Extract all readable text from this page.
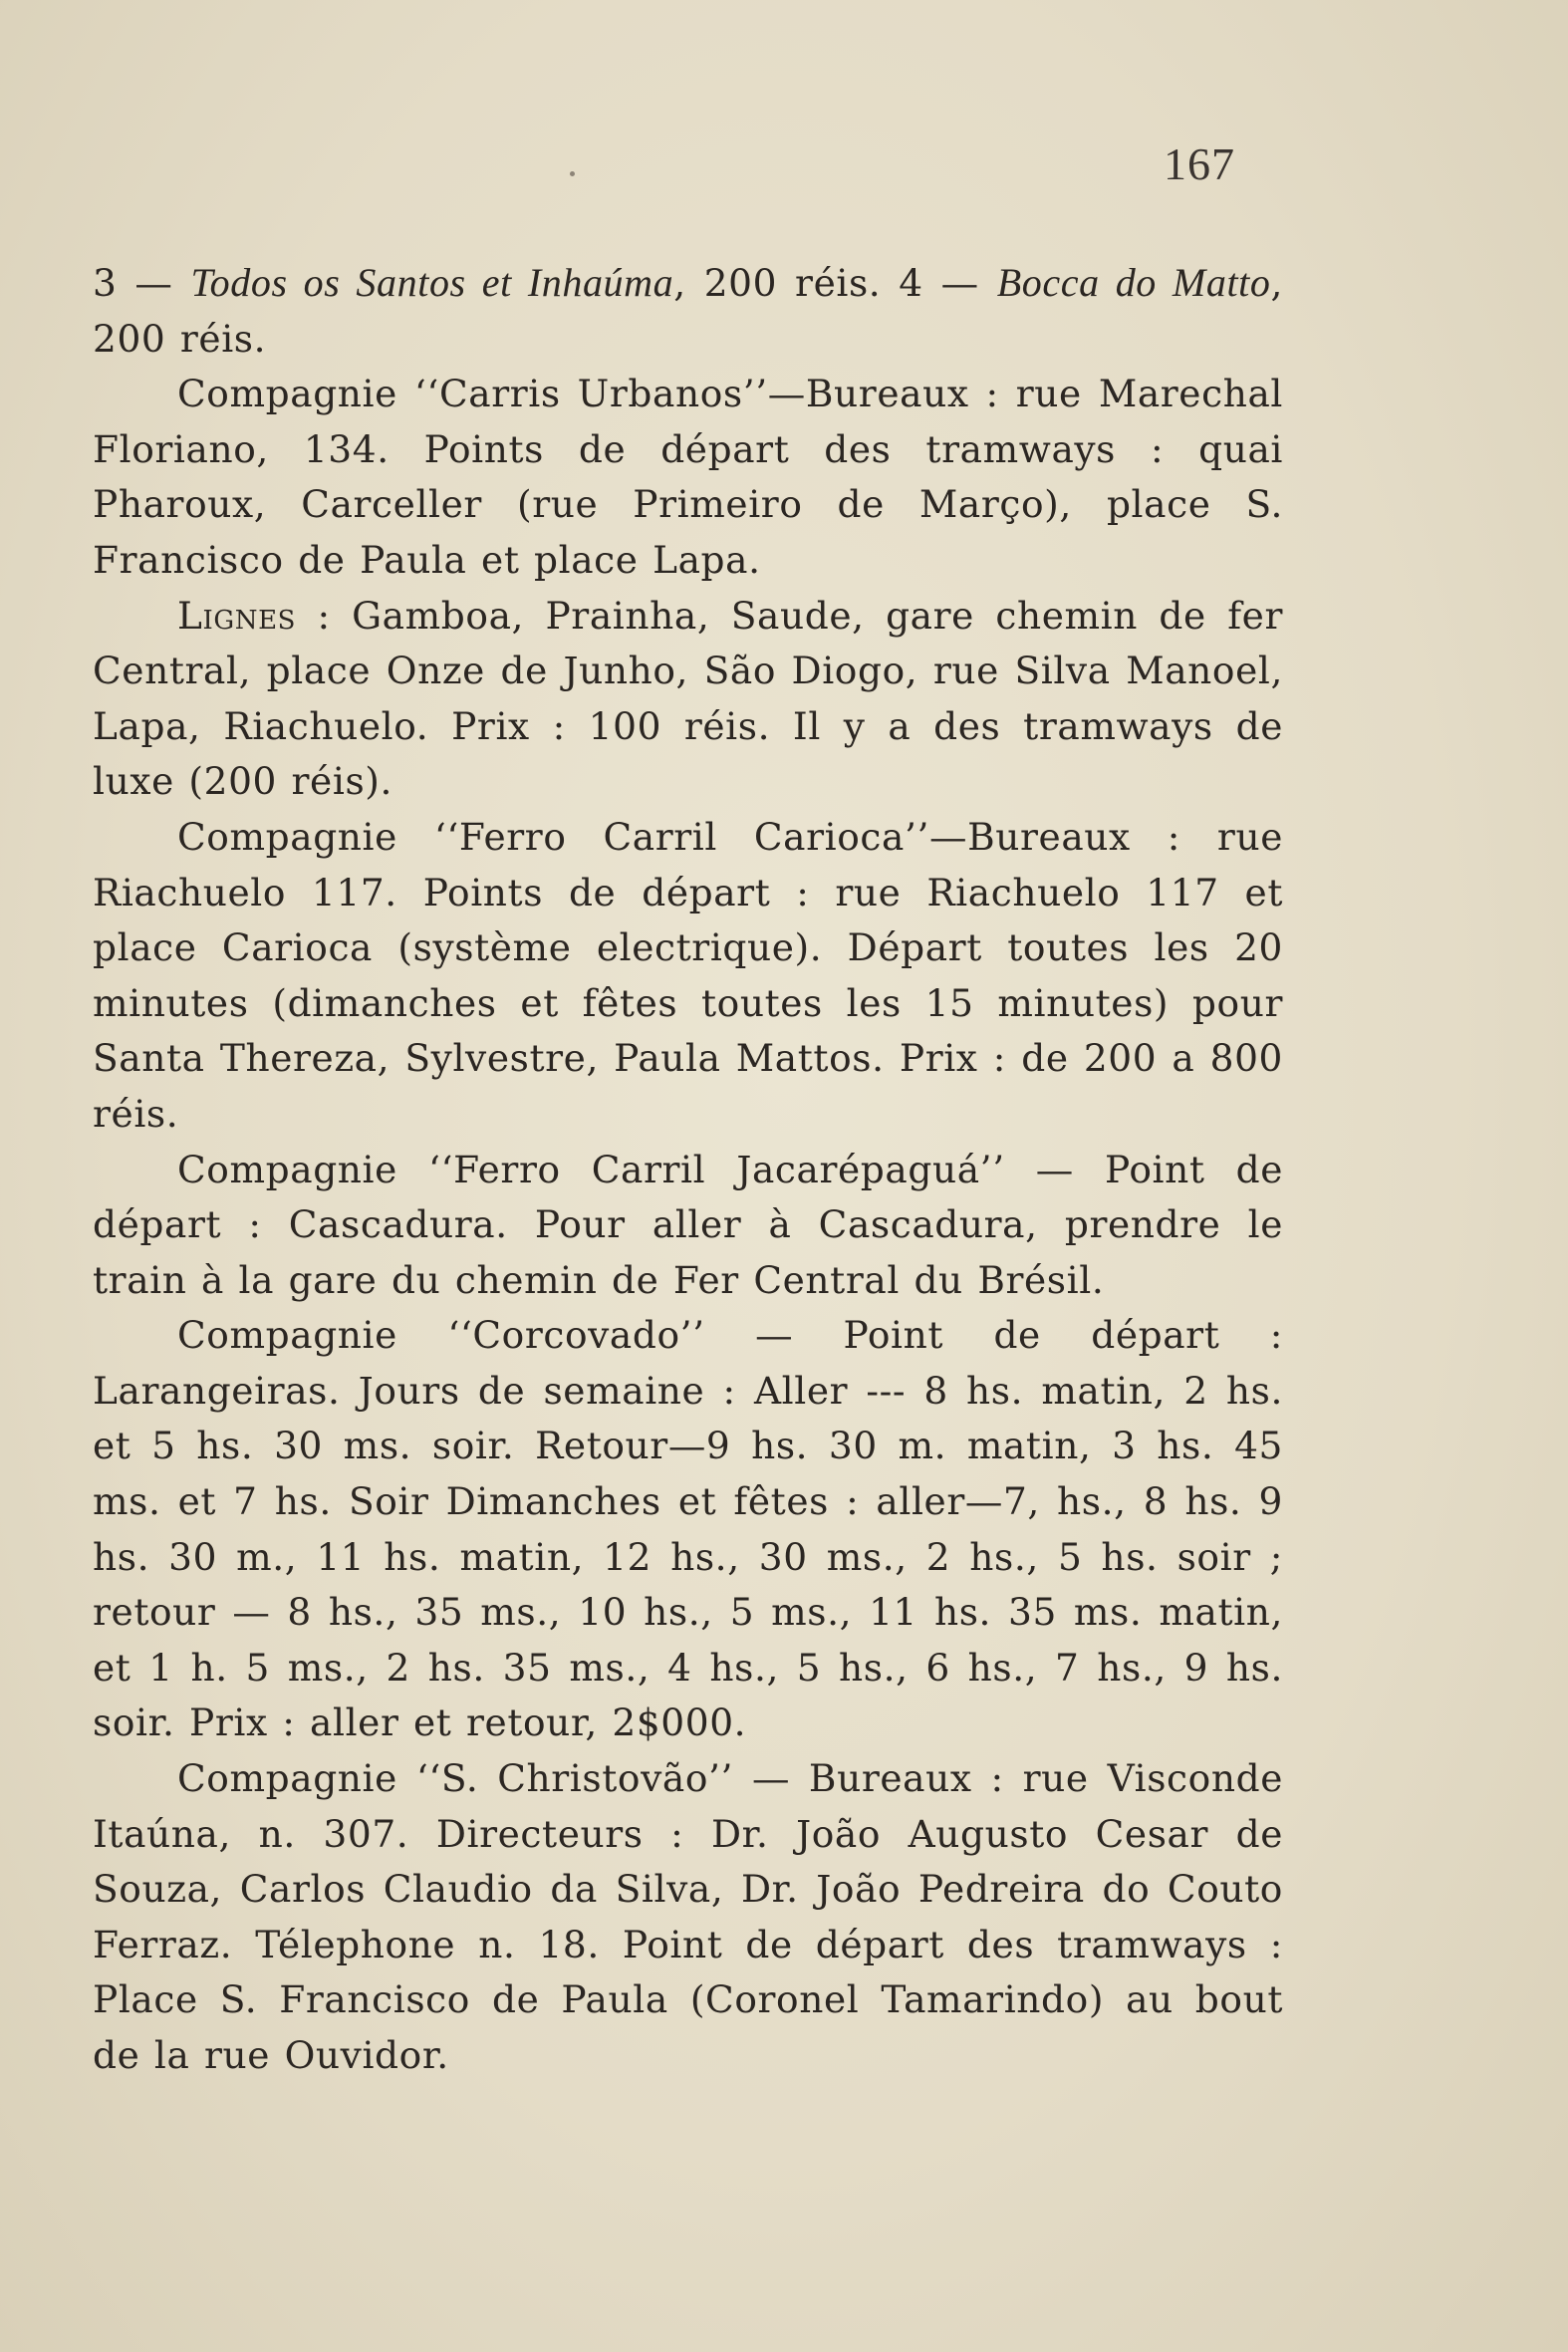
167

3 — Todos os Santos et Inhaúma, 200 réis. 4 — Bocca do Matto, 200 réis.

Compagnie ‘‘Carris Urbanos’’—Bureaux : rue Marechal Floriano, 134. Points de départ des tramways : quai Pharoux, Carceller (rue Primeiro de Março), place S. Francisco de Paula et place Lapa.

Lignes : Gamboa, Prainha, Saude, gare chemin de fer Central, place Onze de Junho, São Diogo, rue Silva Manoel, Lapa, Riachuelo. Prix : 100 réis. Il y a des tramways de luxe (200 réis).

Compagnie ‘‘Ferro Carril Carioca’’—Bureaux : rue Riachuelo 117. Points de départ : rue Riachuelo 117 et place Carioca (système electrique). Départ toutes les 20 minutes (dimanches et fêtes toutes les 15 minutes) pour Santa Thereza, Sylvestre, Paula Mattos. Prix : de 200 a 800 réis.

Compagnie ‘‘Ferro Carril Jacarépaguá’’ — Point de départ : Cascadura. Pour aller à Cascadura, prendre le train à la gare du chemin de Fer Central du Brésil.

Compagnie ‘‘Corcovado’’ — Point de départ : Larangeiras. Jours de semaine : Aller --- 8 hs. matin, 2 hs. et 5 hs. 30 ms. soir. Retour—9 hs. 30 m. matin, 3 hs. 45 ms. et 7 hs. Soir Dimanches et fêtes : aller—7, hs., 8 hs. 9 hs. 30 m., 11 hs. matin, 12 hs., 30 ms., 2 hs., 5 hs. soir ; retour — 8 hs., 35 ms., 10 hs., 5 ms., 11 hs. 35 ms. matin, et 1 h. 5 ms., 2 hs. 35 ms., 4 hs., 5 hs., 6 hs., 7 hs., 9 hs. soir. Prix : aller et retour, 2$000.

Compagnie ‘‘S. Christovão’’ — Bureaux : rue Visconde Itaúna, n. 307. Directeurs : Dr. João Augusto Cesar de Souza, Carlos Claudio da Silva, Dr. João Pedreira do Couto Ferraz. Télephone n. 18. Point de départ des tramways : Place S. Francisco de Paula (Coronel Tamarindo) au bout de la rue Ouvidor.
